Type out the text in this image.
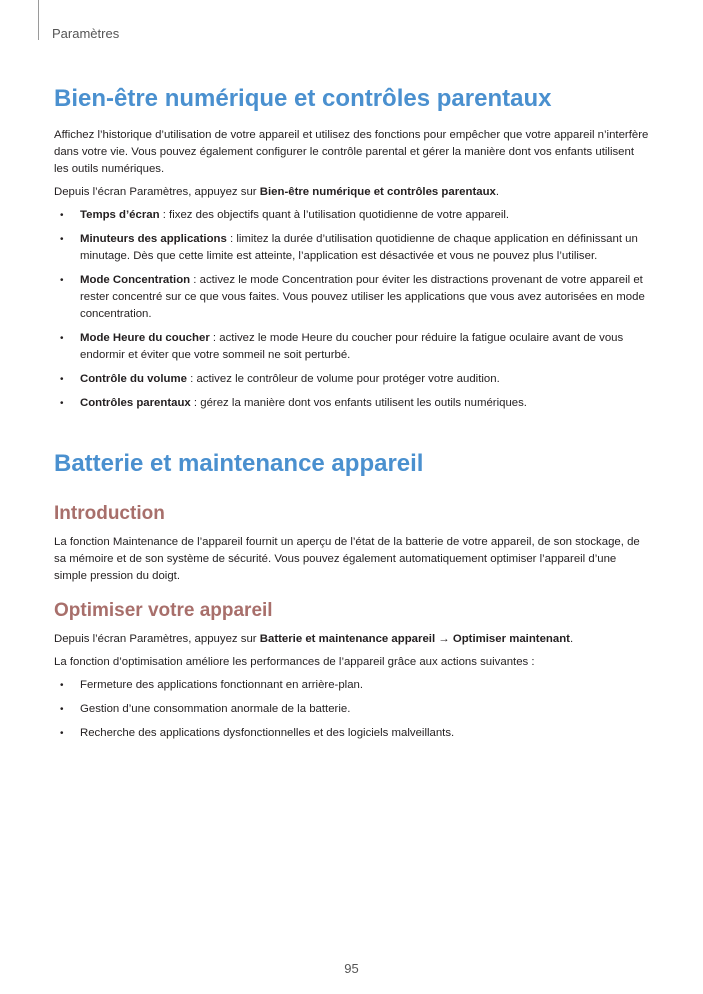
Paramètres
Bien-être numérique et contrôles parentaux

Affichez l’historique d’utilisation de votre appareil et utilisez des fonctions pour empêcher que votre appareil n’interfère dans votre vie. Vous pouvez également configurer le contrôle parental et gérer la manière dont vos enfants utilisent les outils numériques.

Depuis l’écran Paramètres, appuyez sur Bien-être numérique et contrôles parentaux.

• Temps d’écran : fixez des objectifs quant à l’utilisation quotidienne de votre appareil.
• Minuteurs des applications : limitez la durée d’utilisation quotidienne de chaque application en définissant un minutage. Dès que cette limite est atteinte, l’application est désactivée et vous ne pouvez plus l’utiliser.
• Mode Concentration : activez le mode Concentration pour éviter les distractions provenant de votre appareil et rester concentré sur ce que vous faites. Vous pouvez utiliser les applications que vous avez autorisées en mode concentration.
• Mode Heure du coucher : activez le mode Heure du coucher pour réduire la fatigue oculaire avant de vous endormir et éviter que votre sommeil ne soit perturbé.
• Contrôle du volume : activez le contrôleur de volume pour protéger votre audition.
• Contrôles parentaux : gérez la manière dont vos enfants utilisent les outils numériques.
Batterie et maintenance appareil
Introduction

La fonction Maintenance de l’appareil fournit un aperçu de l’état de la batterie de votre appareil, de son stockage, de sa mémoire et de son système de sécurité. Vous pouvez également automatiquement optimiser l’appareil d’une simple pression du doigt.

Optimiser votre appareil

Depuis l’écran Paramètres, appuyez sur Batterie et maintenance appareil → Optimiser maintenant.

La fonction d’optimisation améliore les performances de l’appareil grâce aux actions suivantes :

• Fermeture des applications fonctionnant en arrière-plan.
• Gestion d’une consommation anormale de la batterie.
• Recherche des applications dysfonctionnelles et des logiciels malveillants.
95
